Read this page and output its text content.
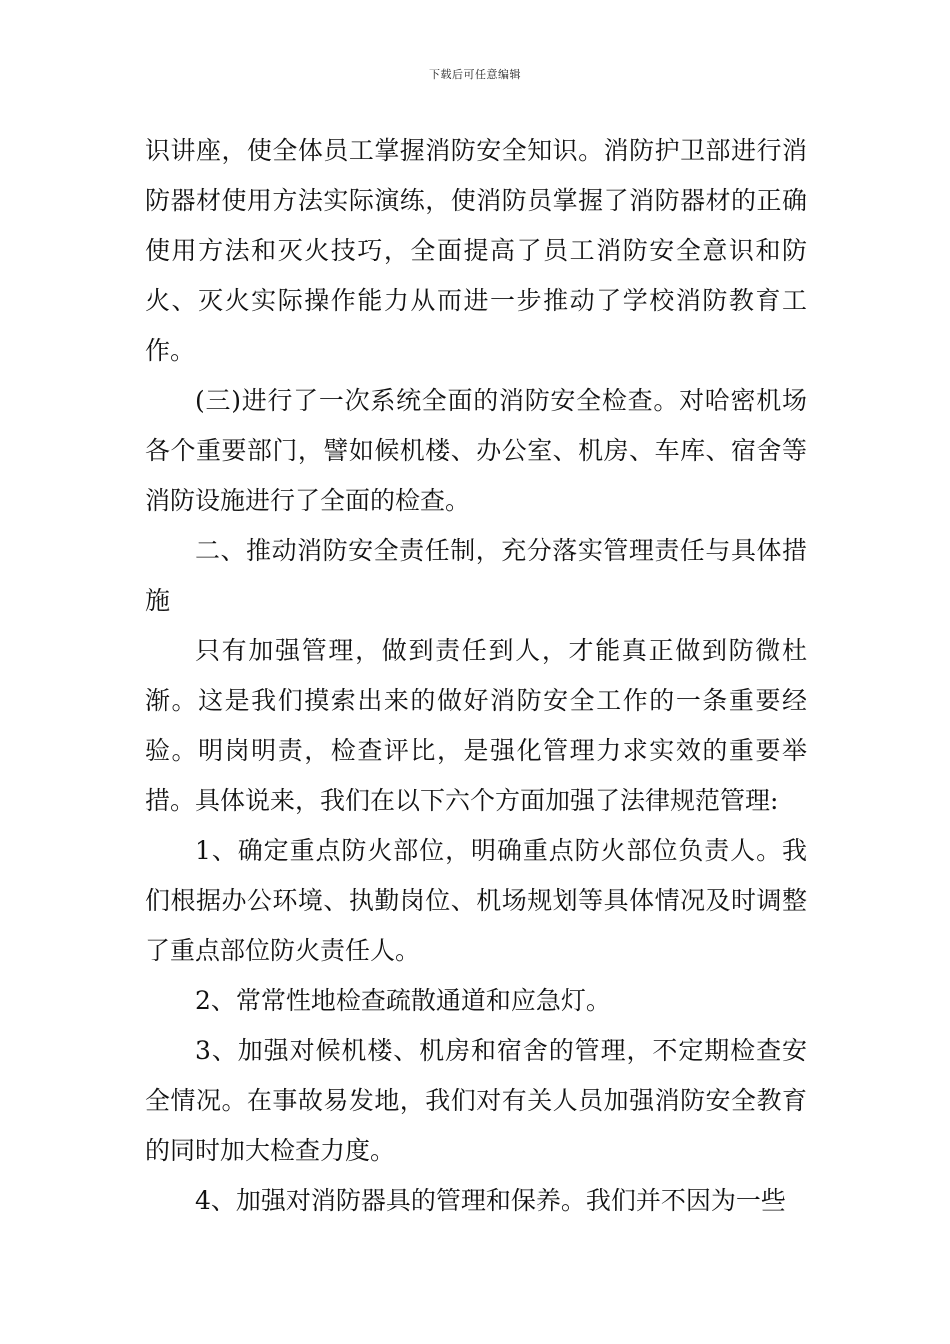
下载后可任意编辑

识讲座，使全体员工掌握消防安全知识。消防护卫部进行消防器材使用方法实际演练，使消防员掌握了消防器材的正确使用方法和灭火技巧，全面提高了员工消防安全意识和防火、灭火实际操作能力从而进一步推动了学校消防教育工作。

(三)进行了一次系统全面的消防安全检查。对哈密机场各个重要部门，譬如候机楼、办公室、机房、车库、宿舍等消防设施进行了全面的检查。

二、推动消防安全责任制，充分落实管理责任与具体措施

只有加强管理，做到责任到人，才能真正做到防微杜渐。这是我们摸索出来的做好消防安全工作的一条重要经验。明岗明责，检查评比，是强化管理力求实效的重要举措。具体说来，我们在以下六个方面加强了法律规范管理:

1、确定重点防火部位，明确重点防火部位负责人。我们根据办公环境、执勤岗位、机场规划等具体情况及时调整了重点部位防火责任人。

2、常常性地检查疏散通道和应急灯。

3、加强对候机楼、机房和宿舍的管理，不定期检查安全情况。在事故易发地，我们对有关人员加强消防安全教育的同时加大检查力度。

4、加强对消防器具的管理和保养。我们并不因为一些
